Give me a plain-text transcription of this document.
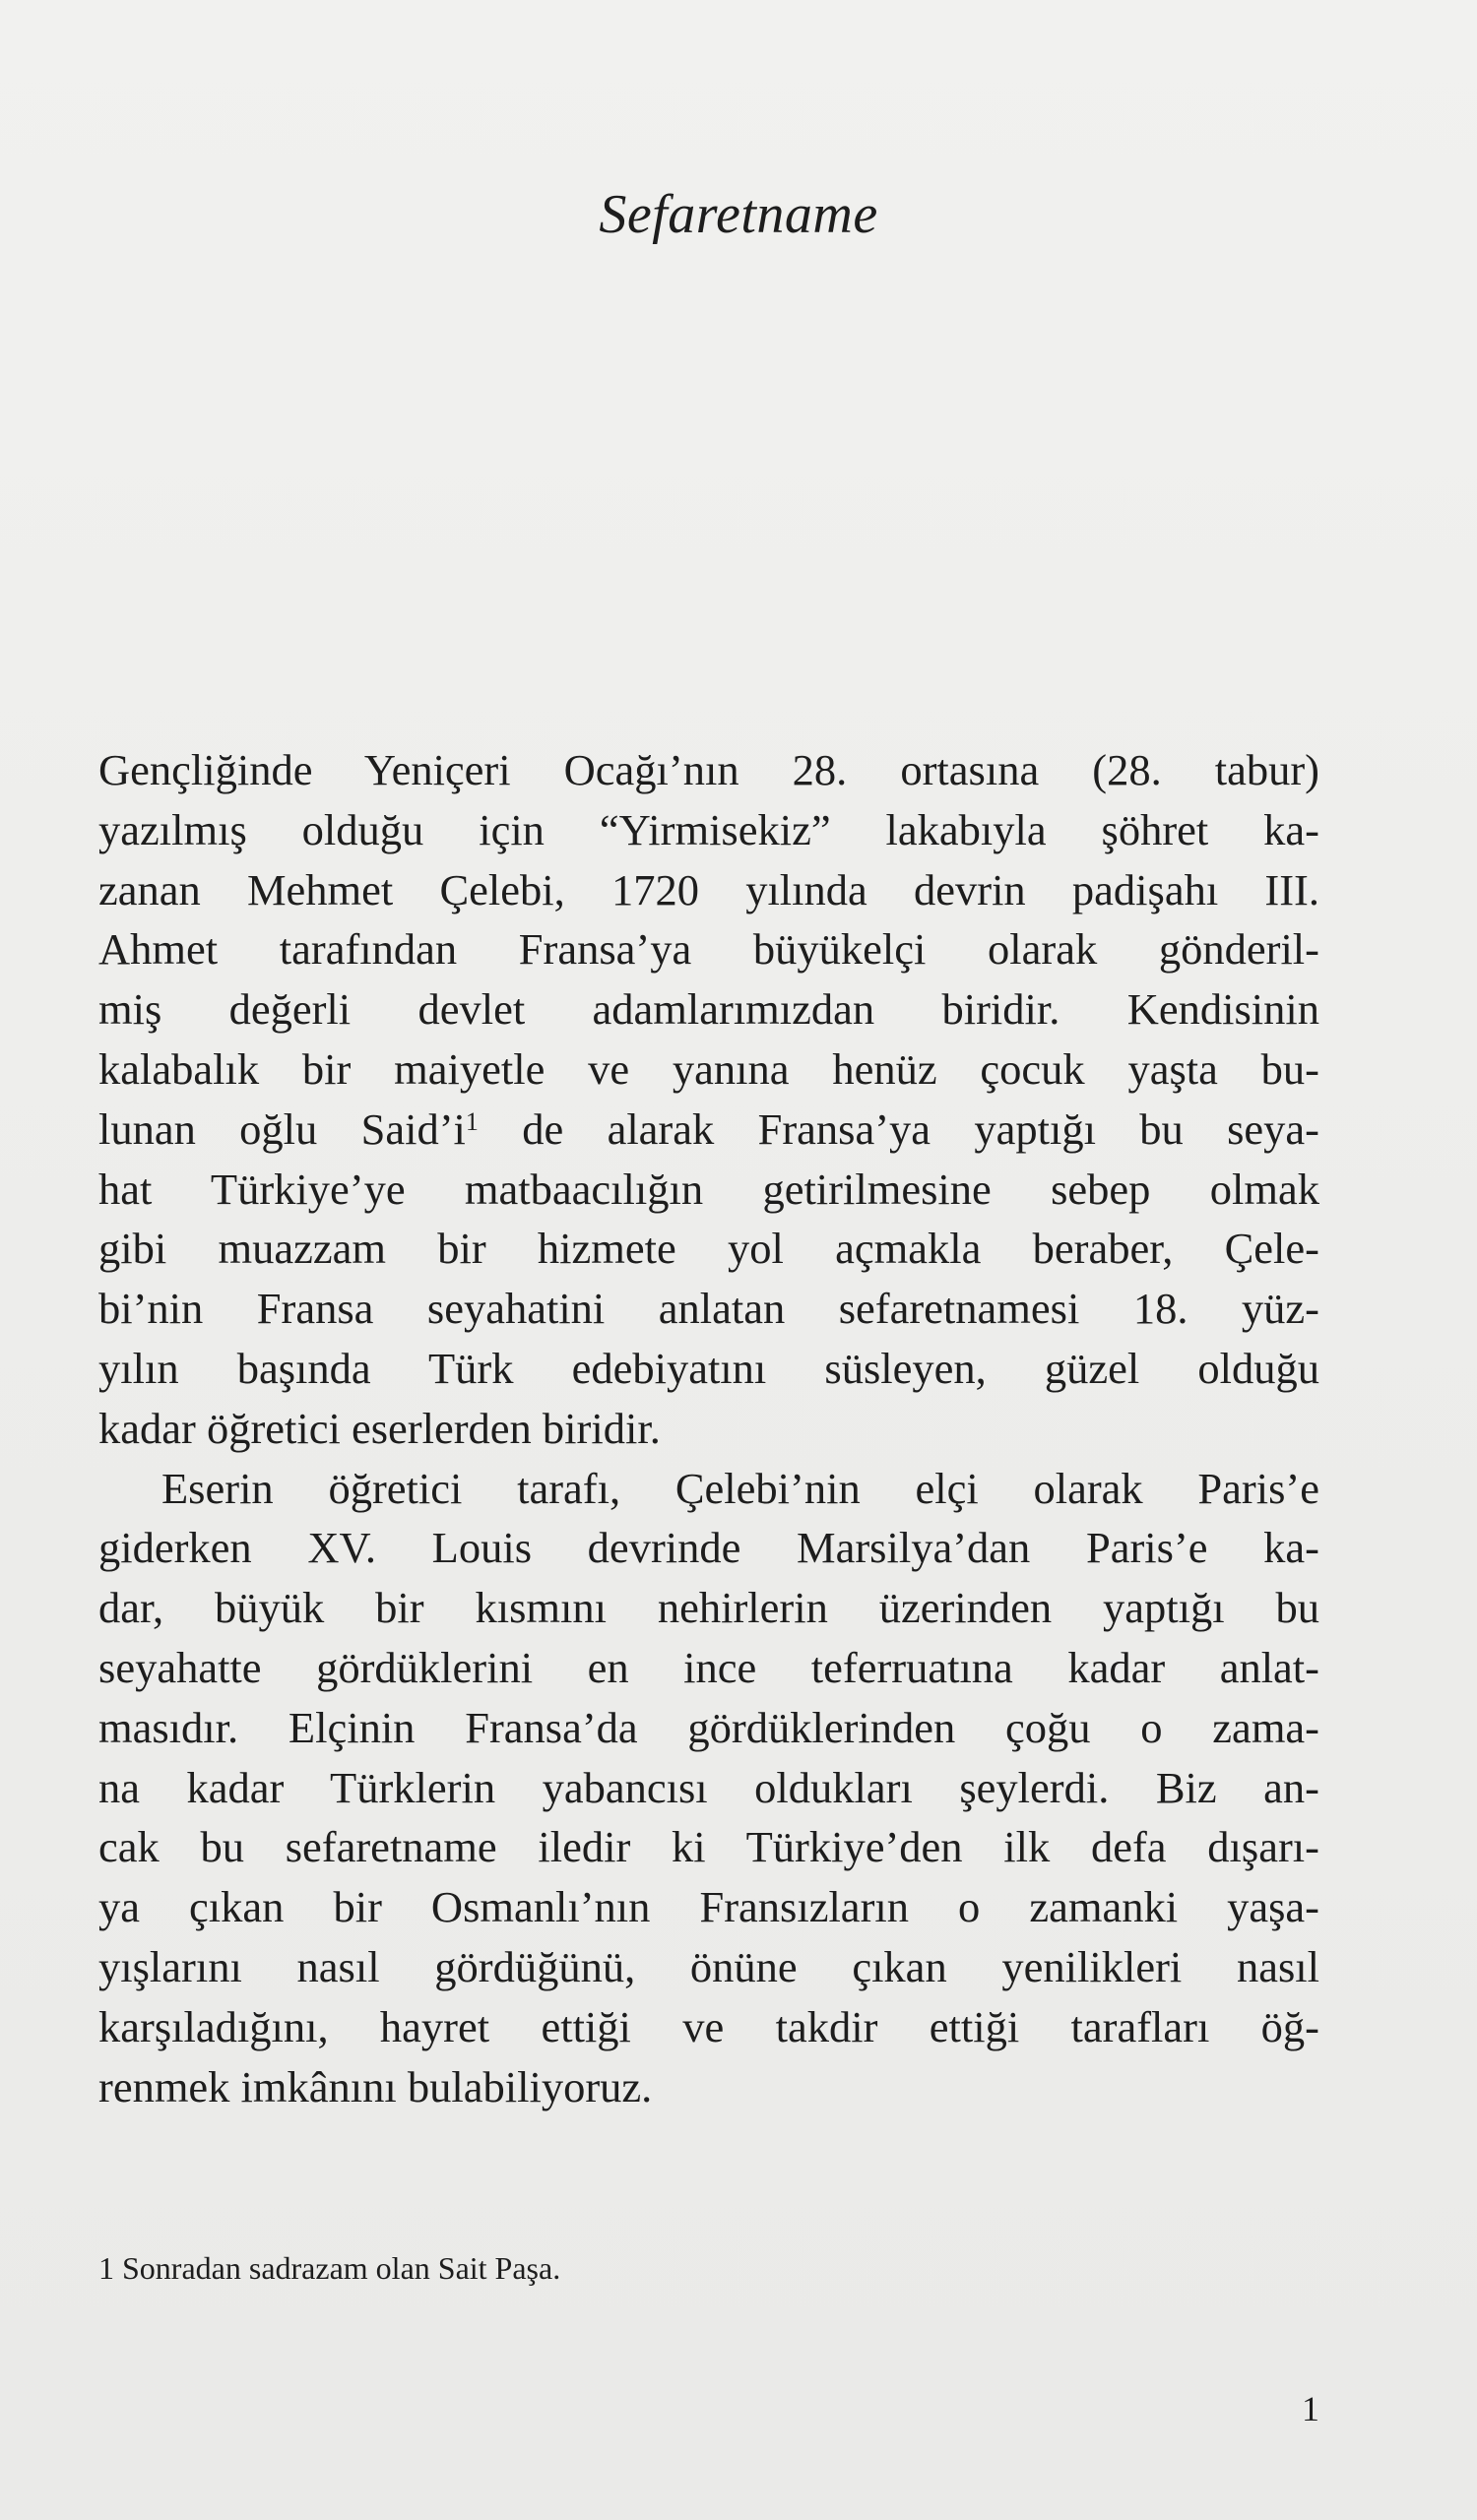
Sefaretname
Gençliğinde Yeniçeri Ocağı’nın 28. ortasına (28. tabur)
yazılmış olduğu için “Yirmisekiz” lakabıyla şöhret ka-
zanan Mehmet Çelebi, 1720 yılında devrin padişahı III.
Ahmet tarafından Fransa’ya büyükelçi olarak gönderil-
miş değerli devlet adamlarımızdan biridir. Kendisinin
kalabalık bir maiyetle ve yanına henüz çocuk yaşta bu-
lunan oğlu $Said’i^1$ de alarak Fransa’ya yaptığı bu seya-
hat Türkiye’ye matbaacılığın getirilmesine sebep olmak
gibi muazzam bir hizmete yol açmakla beraber, Çele-
bi’nin Fransa seyahatini anlatan sefaretnamesi 18. yüz-
yılın başında Türk edebiyatını süsleyen, güzel olduğu
kadar öğretici eserlerden biridir.
Eserin öğretici tarafı, Çelebi’nin elçi olarak Paris’e
giderken XV. Louis devrinde Marsilya’dan Paris’e ka-
dar, büyük bir kısmını nehirlerin üzerinden yaptığı bu
seyahatte gördüklerini en ince teferruatına kadar anlat-
masıdır. Elçinin Fransa’da gördüklerinden çoğu o zama-
na kadar Türklerin yabancısı oldukları şeylerdi. Biz an-
cak bu sefaretname iledir ki Türkiye’den ilk defa dışarı-
ya çıkan bir Osmanlı’nın Fransızların o zamanki yaşa-
yışlarını nasıl gördüğünü, önüne çıkan yenilikleri nasıl
karşıladığını, hayret ettiği ve takdir ettiği tarafları öğ-
renmek imkânını bulabiliyoruz.
1 Sonradan sadrazam olan Sait Paşa.
1
